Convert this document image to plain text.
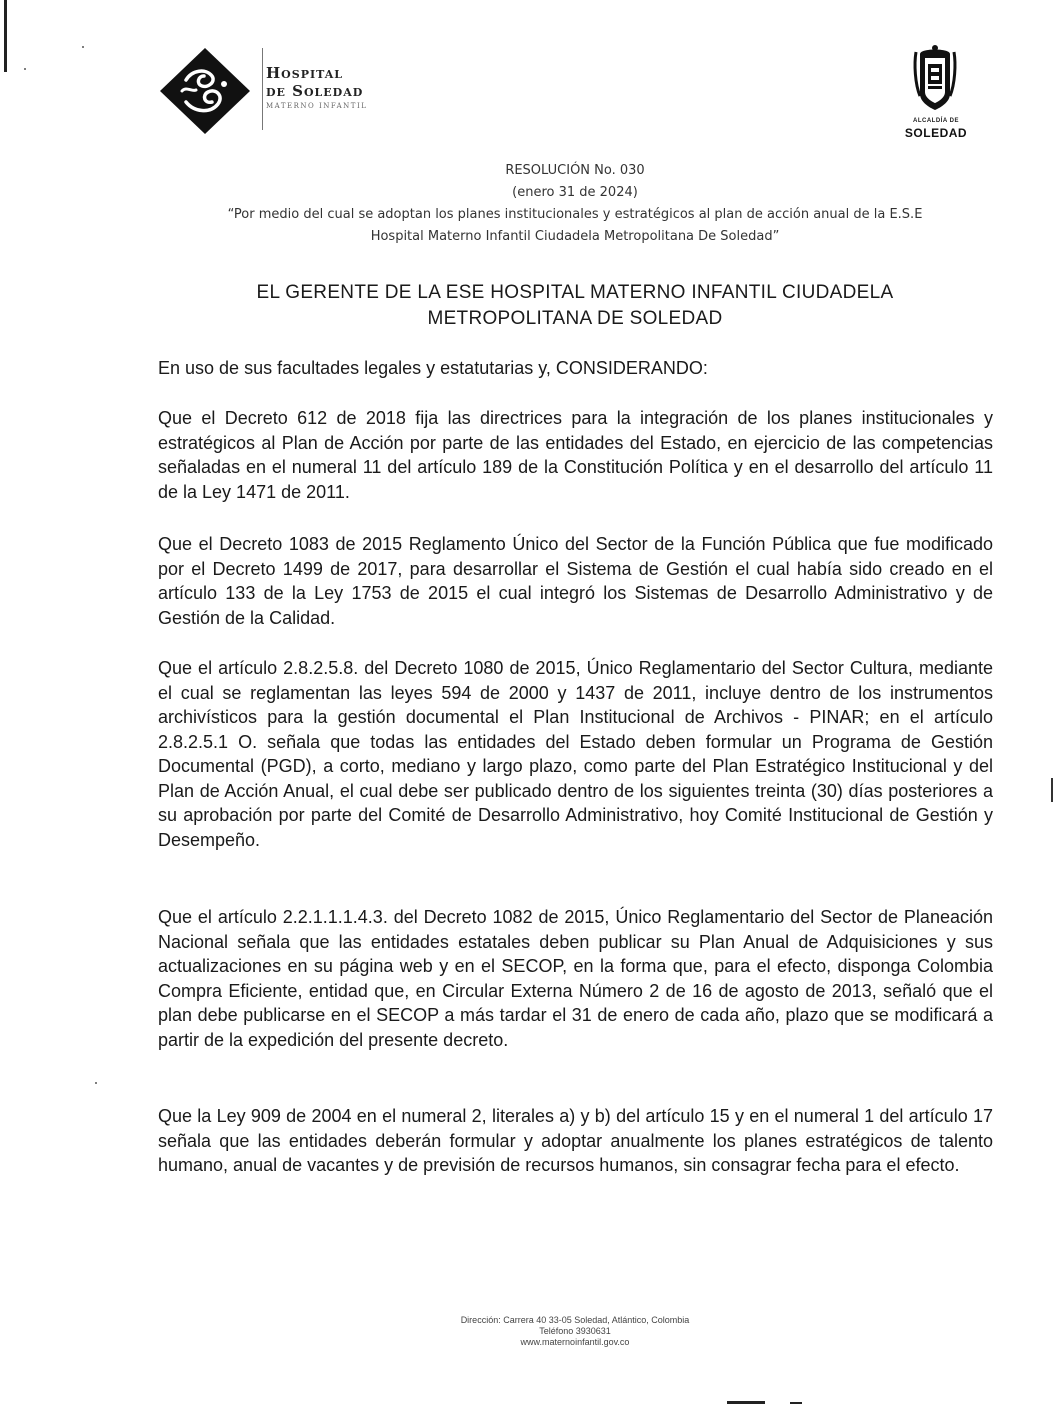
Hospital
de Soledad
MATERNO INFANTIL
ALCALDÍA DE
SOLEDAD
RESOLUCIÓN No. 030
(enero 31 de 2024)
“Por medio del cual se adoptan los planes institucionales y estratégicos al plan de acción anual de la E.S.E
Hospital Materno Infantil Ciudadela Metropolitana De Soledad”
EL GERENTE DE LA ESE HOSPITAL MATERNO INFANTIL CIUDADELA
METROPOLITANA DE SOLEDAD
En uso de sus facultades legales y estatutarias y, CONSIDERANDO:

Que el Decreto 612 de 2018 fija las directrices para la integración de los planes institucionales y estratégicos al Plan de Acción por parte de las entidades del Estado, en ejercicio de las competencias señaladas en el numeral 11 del artículo 189 de la Constitución Política y en el desarrollo del artículo 11 de la Ley 1471 de 2011.

Que el Decreto 1083 de 2015 Reglamento Único del Sector de la Función Pública que fue modificado por el Decreto 1499 de 2017, para desarrollar el Sistema de Gestión el cual había sido creado en el artículo 133 de la Ley 1753 de 2015 el cual integró los Sistemas de Desarrollo Administrativo y de Gestión de la Calidad.

Que el artículo 2.8.2.5.8. del Decreto 1080 de 2015, Único Reglamentario del Sector Cultura, mediante el cual se reglamentan las leyes 594 de 2000 y 1437 de 2011, incluye dentro de los instrumentos archivísticos para la gestión documental el Plan Institucional de Archivos - PINAR; en el artículo 2.8.2.5.1 O. señala que todas las entidades del Estado deben formular un Programa de Gestión Documental (PGD), a corto, mediano y largo plazo, como parte del Plan Estratégico Institucional y del Plan de Acción Anual, el cual debe ser publicado dentro de los siguientes treinta (30) días posteriores a su aprobación por parte del Comité de Desarrollo Administrativo, hoy Comité Institucional de Gestión y Desempeño.

Que el artículo 2.2.1.1.1.4.3. del Decreto 1082 de 2015, Único Reglamentario del Sector de Planeación Nacional señala que las entidades estatales deben publicar su Plan Anual de Adquisiciones y sus actualizaciones en su página web y en el SECOP, en la forma que, para el efecto, disponga Colombia Compra Eficiente, entidad que, en Circular Externa Número 2 de 16 de agosto de 2013, señaló que el plan debe publicarse en el SECOP a más tardar el 31 de enero de cada año, plazo que se modificará a partir de la expedición del presente decreto.

Que la Ley 909 de 2004 en el numeral 2, literales a) y b) del artículo 15 y en el numeral 1 del artículo 17 señala que las entidades deberán formular y adoptar anualmente los planes estratégicos de talento humano, anual de vacantes y de previsión de recursos humanos, sin consagrar fecha para el efecto.

Dirección: Carrera 40 33-05 Soledad, Atlántico, Colombia
Teléfono 3930631
www.maternoinfantil.gov.co
